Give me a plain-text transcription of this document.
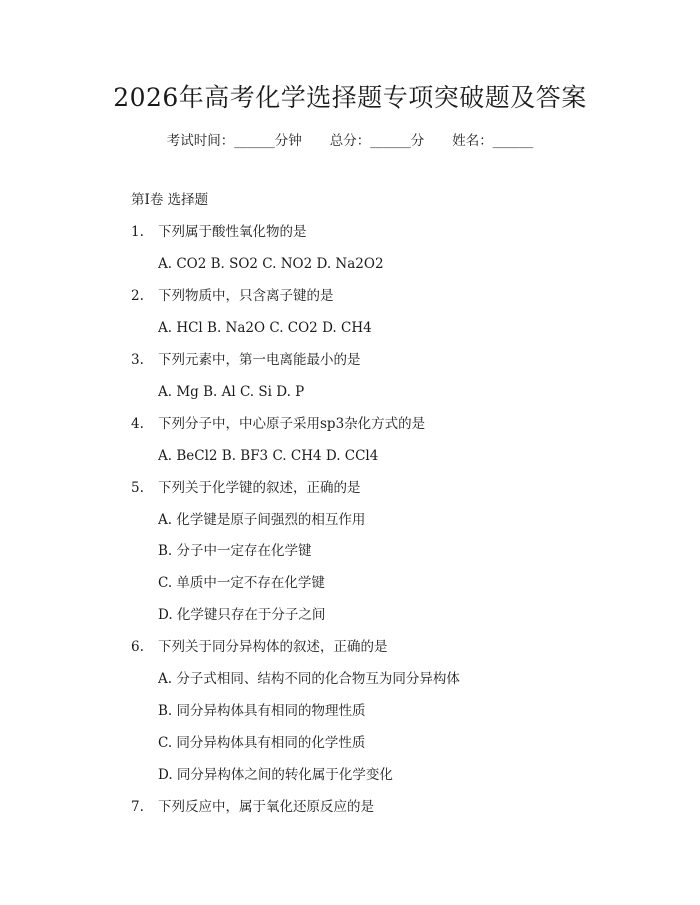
2026年高考化学选择题专项突破题及答案
考试时间：______分钟 总分：______分 姓名：______
第Ⅰ卷 选择题
1. 下列属于酸性氧化物的是
A. CO2 B. SO2 C. NO2 D. Na2O2
2. 下列物质中，只含离子键的是
A. HCl B. Na2O C. CO2 D. CH4
3. 下列元素中，第一电离能最小的是
A. Mg B. Al C. Si D. P
4. 下列分子中，中心原子采用sp3杂化方式的是
A. BeCl2 B. BF3 C. CH4 D. CCl4
5. 下列关于化学键的叙述，正确的是
A. 化学键是原子间强烈的相互作用
B. 分子中一定存在化学键
C. 单质中一定不存在化学键
D. 化学键只存在于分子之间
6. 下列关于同分异构体的叙述，正确的是
A. 分子式相同、结构不同的化合物互为同分异构体
B. 同分异构体具有相同的物理性质
C. 同分异构体具有相同的化学性质
D. 同分异构体之间的转化属于化学变化
7. 下列反应中，属于氧化还原反应的是
